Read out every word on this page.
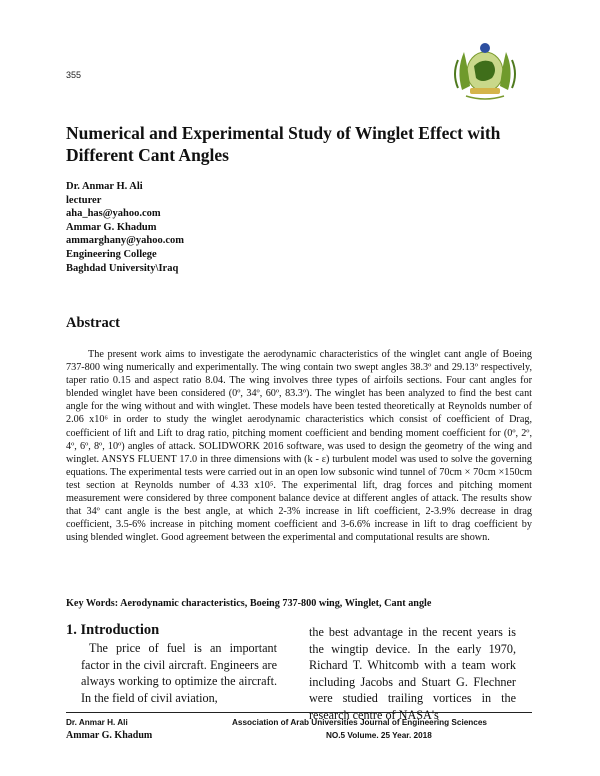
355
Numerical and Experimental Study of Winglet Effect with Different Cant Angles
Dr. Anmar H. Ali
lecturer
aha_has@yahoo.com
Ammar G. Khadum
ammarghany@yahoo.com
Engineering College
Baghdad University\Iraq
Abstract
The present work aims to investigate the aerodynamic characteristics of the winglet cant angle of Boeing 737-800 wing numerically and experimentally. The wing contain two swept angles 38.3º and 29.13º respectively, taper ratio 0.15 and aspect ratio 8.04. The wing involves three types of airfoils sections. Four cant angles for blended winglet have been considered (0º, 34º, 60º, 83.3º). The winglet has been analyzed to find the best cant angle for the wing without and with winglet. These models have been tested theoretically at Reynolds number of 2.06 x10⁶ in order to study the winglet aerodynamic characteristics which consist of coefficient of Drag, coefficient of lift and Lift to drag ratio, pitching moment coefficient and bending moment coefficient for (0º, 2º, 4º, 6º, 8º, 10º) angles of attack. SOLIDWORK 2016 software, was used to design the geometry of the wing and winglet. ANSYS FLUENT 17.0 in three dimensions with (k - ε) turbulent model was used to solve the governing equations. The experimental tests were carried out in an open low subsonic wind tunnel of 70cm × 70cm ×150cm test section at Reynolds number of 4.33 x10⁵. The experimental lift, drag forces and pitching moment measurement were considered by three component balance device at different angles of attack. The results show that 34º cant angle is the best angle, at which 2-3% increase in lift coefficient, 2-3.9% decrease in drag coefficient, 3.5-6% increase in pitching moment coefficient and 3-6.6% increase in lift to drag coefficient by using blended winglet. Good agreement between the experimental and computational results are shown.
Key Words: Aerodynamic characteristics, Boeing 737-800 wing, Winglet, Cant angle
1. Introduction
The price of fuel is an important factor in the civil aircraft. Engineers are always working to optimize the aircraft. In the field of civil aviation,
the best advantage in the recent years is the wingtip device. In the early 1970, Richard T. Whitcomb with a team work including Jacobs and Stuart G. Flechner were studied trailing vortices in the research centre of NASA's
Dr. Anmar H. Ali
Ammar G. Khadum
Association of Arab Universities Journal of Engineering Sciences
NO.5 Volume. 25 Year. 2018
